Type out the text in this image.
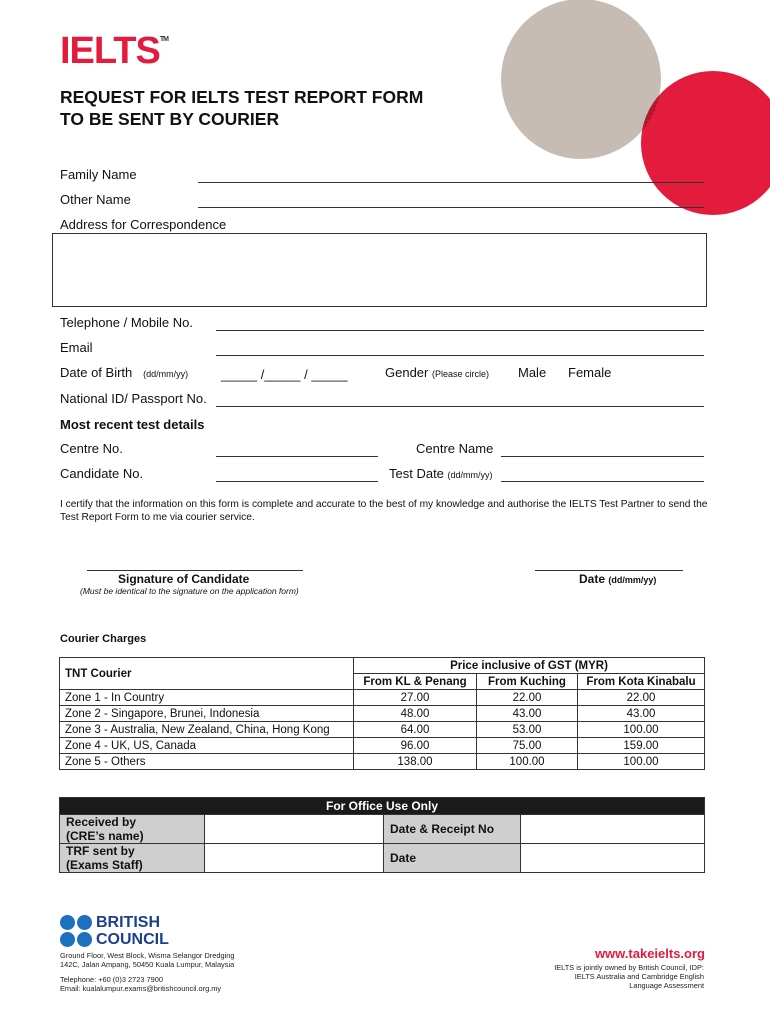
IELTS™
REQUEST FOR IELTS TEST REPORT FORM
TO BE SENT BY COURIER
Family Name
Other Name
Address for Correspondence
Telephone / Mobile No.
Email
Date of Birth (dd/mm/yy)	_____ /_____ / _____	Gender (Please circle) Male Female
National ID/ Passport No.
Most recent test details
Centre No.	Centre Name
Candidate No.	Test Date (dd/mm/yy)
I certify that the information on this form is complete and accurate to the best of my knowledge and authorise the IELTS Test Partner to send the Test Report Form to me via courier service.
Signature of Candidate
(Must be identical to the signature on the application form)
Date (dd/mm/yy)
Courier Charges
TNT Courier	Price inclusive of GST (MYR)		
	From KL & Penang	From Kuching	From Kota Kinabalu
Zone 1 - In Country	27.00	22.00	22.00
Zone 2 - Singapore, Brunei, Indonesia	48.00	43.00	43.00
Zone 3 - Australia, New Zealand, China, Hong Kong	64.00	53.00	100.00
Zone 4 - UK, US, Canada	96.00	75.00	159.00
Zone 5 - Others	138.00	100.00	100.00
For Office Use Only			

Received by
(CRE’s name)		Date & Receipt No	

TRF sent by
(Exams Staff)		Date	
BRITISH
COUNCIL
Ground Floor, West Block, Wisma Selangor Dredging
142C, Jalan Ampang, 50450 Kuala Lumpur, Malaysia
Telephone: +60 (0)3 2723 7900
Email: kualalumpur.exams@britishcouncil.org.my
www.takeielts.org
IELTS is jointly owned by British Council, IDP:
IELTS Australia and Cambridge English
Language Assessment
